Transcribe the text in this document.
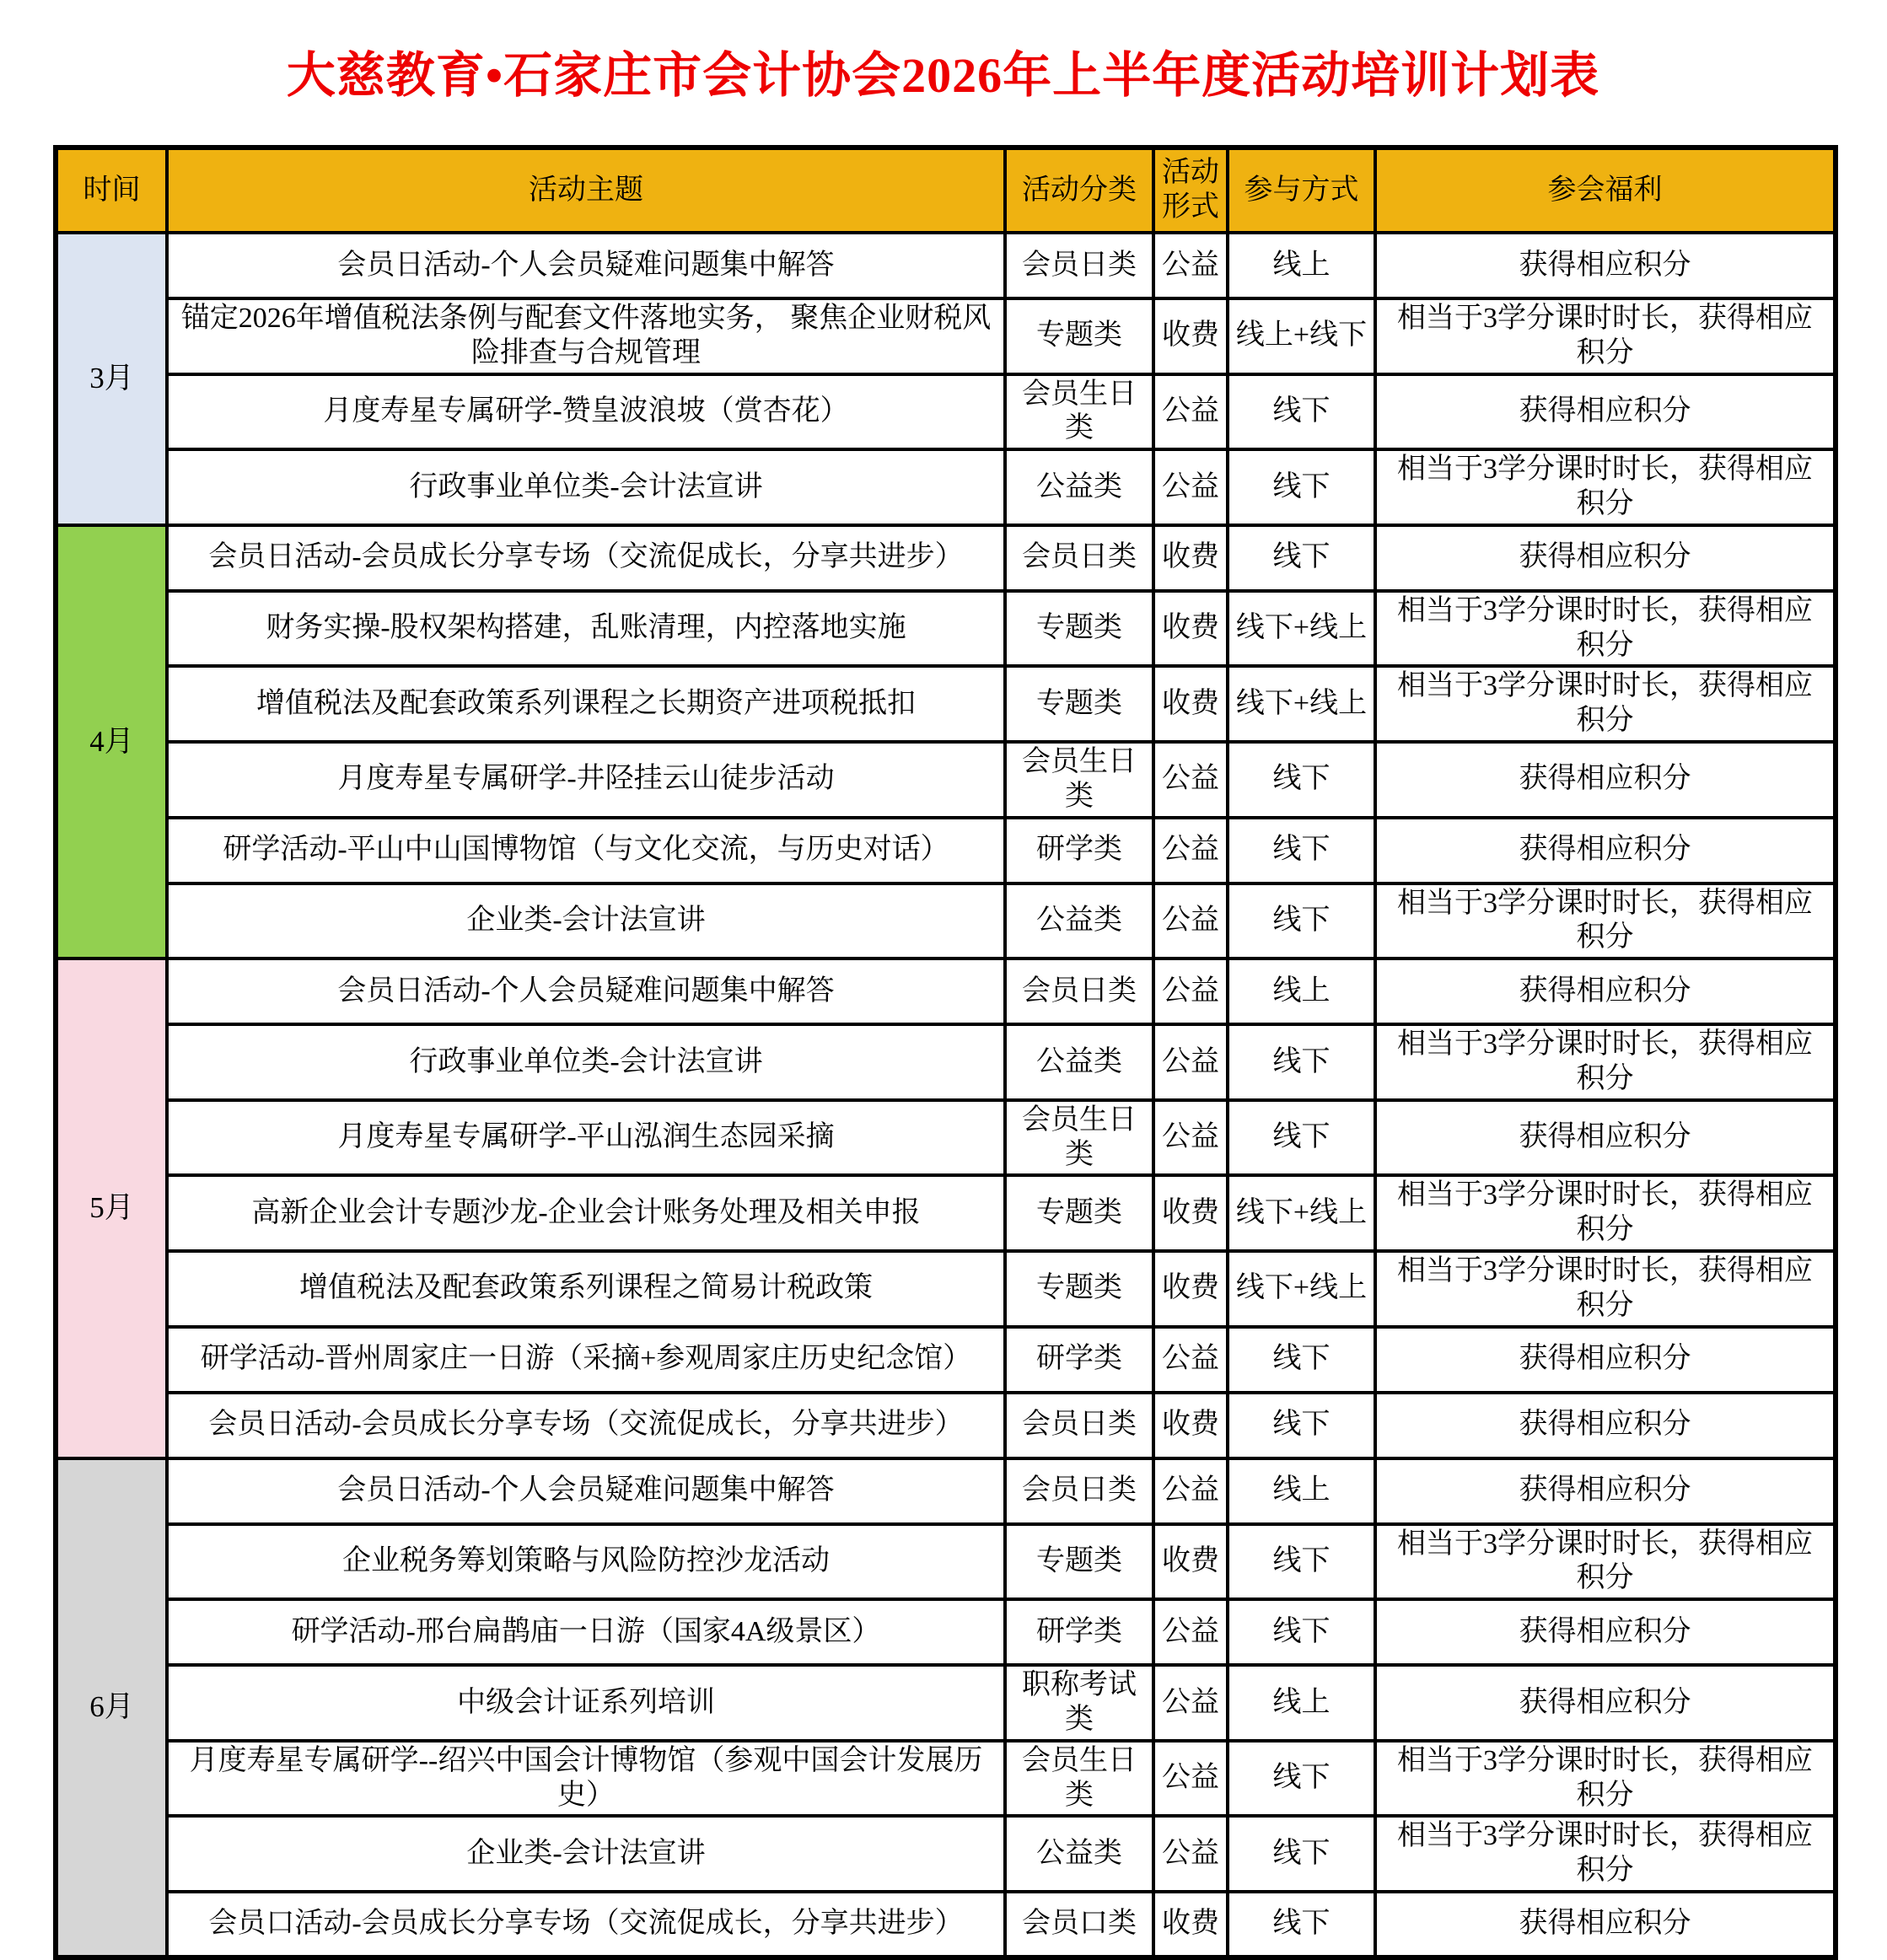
大慈教育•石家庄市会计协会2026年上半年度活动培训计划表
时间	活动主题	活动分类	活动形式	参与方式	参会福利
3月	会员日活动-个人会员疑难问题集中解答	会员日类	公益	线上	获得相应积分
	锚定2026年增值税法条例与配套文件落地实务， 聚焦企业财税风险排查与合规管理	专题类	收费	线上+线下	相当于3学分课时时长，获得相应积分
	月度寿星专属研学-赞皇波浪坡（赏杏花）	会员生日类	公益	线下	获得相应积分
	行政事业单位类-会计法宣讲	公益类	公益	线下	相当于3学分课时时长，获得相应积分
4月	会员日活动-会员成长分享专场（交流促成长，分享共进步）	会员日类	收费	线下	获得相应积分
	财务实操-股权架构搭建，乱账清理，内控落地实施	专题类	收费	线下+线上	相当于3学分课时时长，获得相应积分
	增值税法及配套政策系列课程之长期资产进项税抵扣	专题类	收费	线下+线上	相当于3学分课时时长，获得相应积分
	月度寿星专属研学-井陉挂云山徒步活动	会员生日类	公益	线下	获得相应积分
	研学活动-平山中山国博物馆（与文化交流，与历史对话）	研学类	公益	线下	获得相应积分
	企业类-会计法宣讲	公益类	公益	线下	相当于3学分课时时长，获得相应积分
5月	会员日活动-个人会员疑难问题集中解答	会员日类	公益	线上	获得相应积分
	行政事业单位类-会计法宣讲	公益类	公益	线下	相当于3学分课时时长，获得相应积分
	月度寿星专属研学-平山泓润生态园采摘	会员生日类	公益	线下	获得相应积分
	高新企业会计专题沙龙-企业会计账务处理及相关申报	专题类	收费	线下+线上	相当于3学分课时时长，获得相应积分
	增值税法及配套政策系列课程之简易计税政策	专题类	收费	线下+线上	相当于3学分课时时长，获得相应积分
	研学活动-晋州周家庄一日游（采摘+参观周家庄历史纪念馆）	研学类	公益	线下	获得相应积分
	会员日活动-会员成长分享专场（交流促成长，分享共进步）	会员日类	收费	线下	获得相应积分
6月	会员日活动-个人会员疑难问题集中解答	会员日类	公益	线上	获得相应积分
	企业税务筹划策略与风险防控沙龙活动	专题类	收费	线下	相当于3学分课时时长，获得相应积分
	研学活动-邢台扁鹊庙一日游（国家4A级景区）	研学类	公益	线下	获得相应积分
	中级会计证系列培训	职称考试类	公益	线上	获得相应积分
	月度寿星专属研学--绍兴中国会计博物馆（参观中国会计发展历史）	会员生日类	公益	线下	相当于3学分课时时长，获得相应积分
	企业类-会计法宣讲	公益类	公益	线下	相当于3学分课时时长，获得相应积分
	会员口活动-会员成长分享专场（交流促成长，分享共进步）	会员口类	收费	线下	获得相应积分
